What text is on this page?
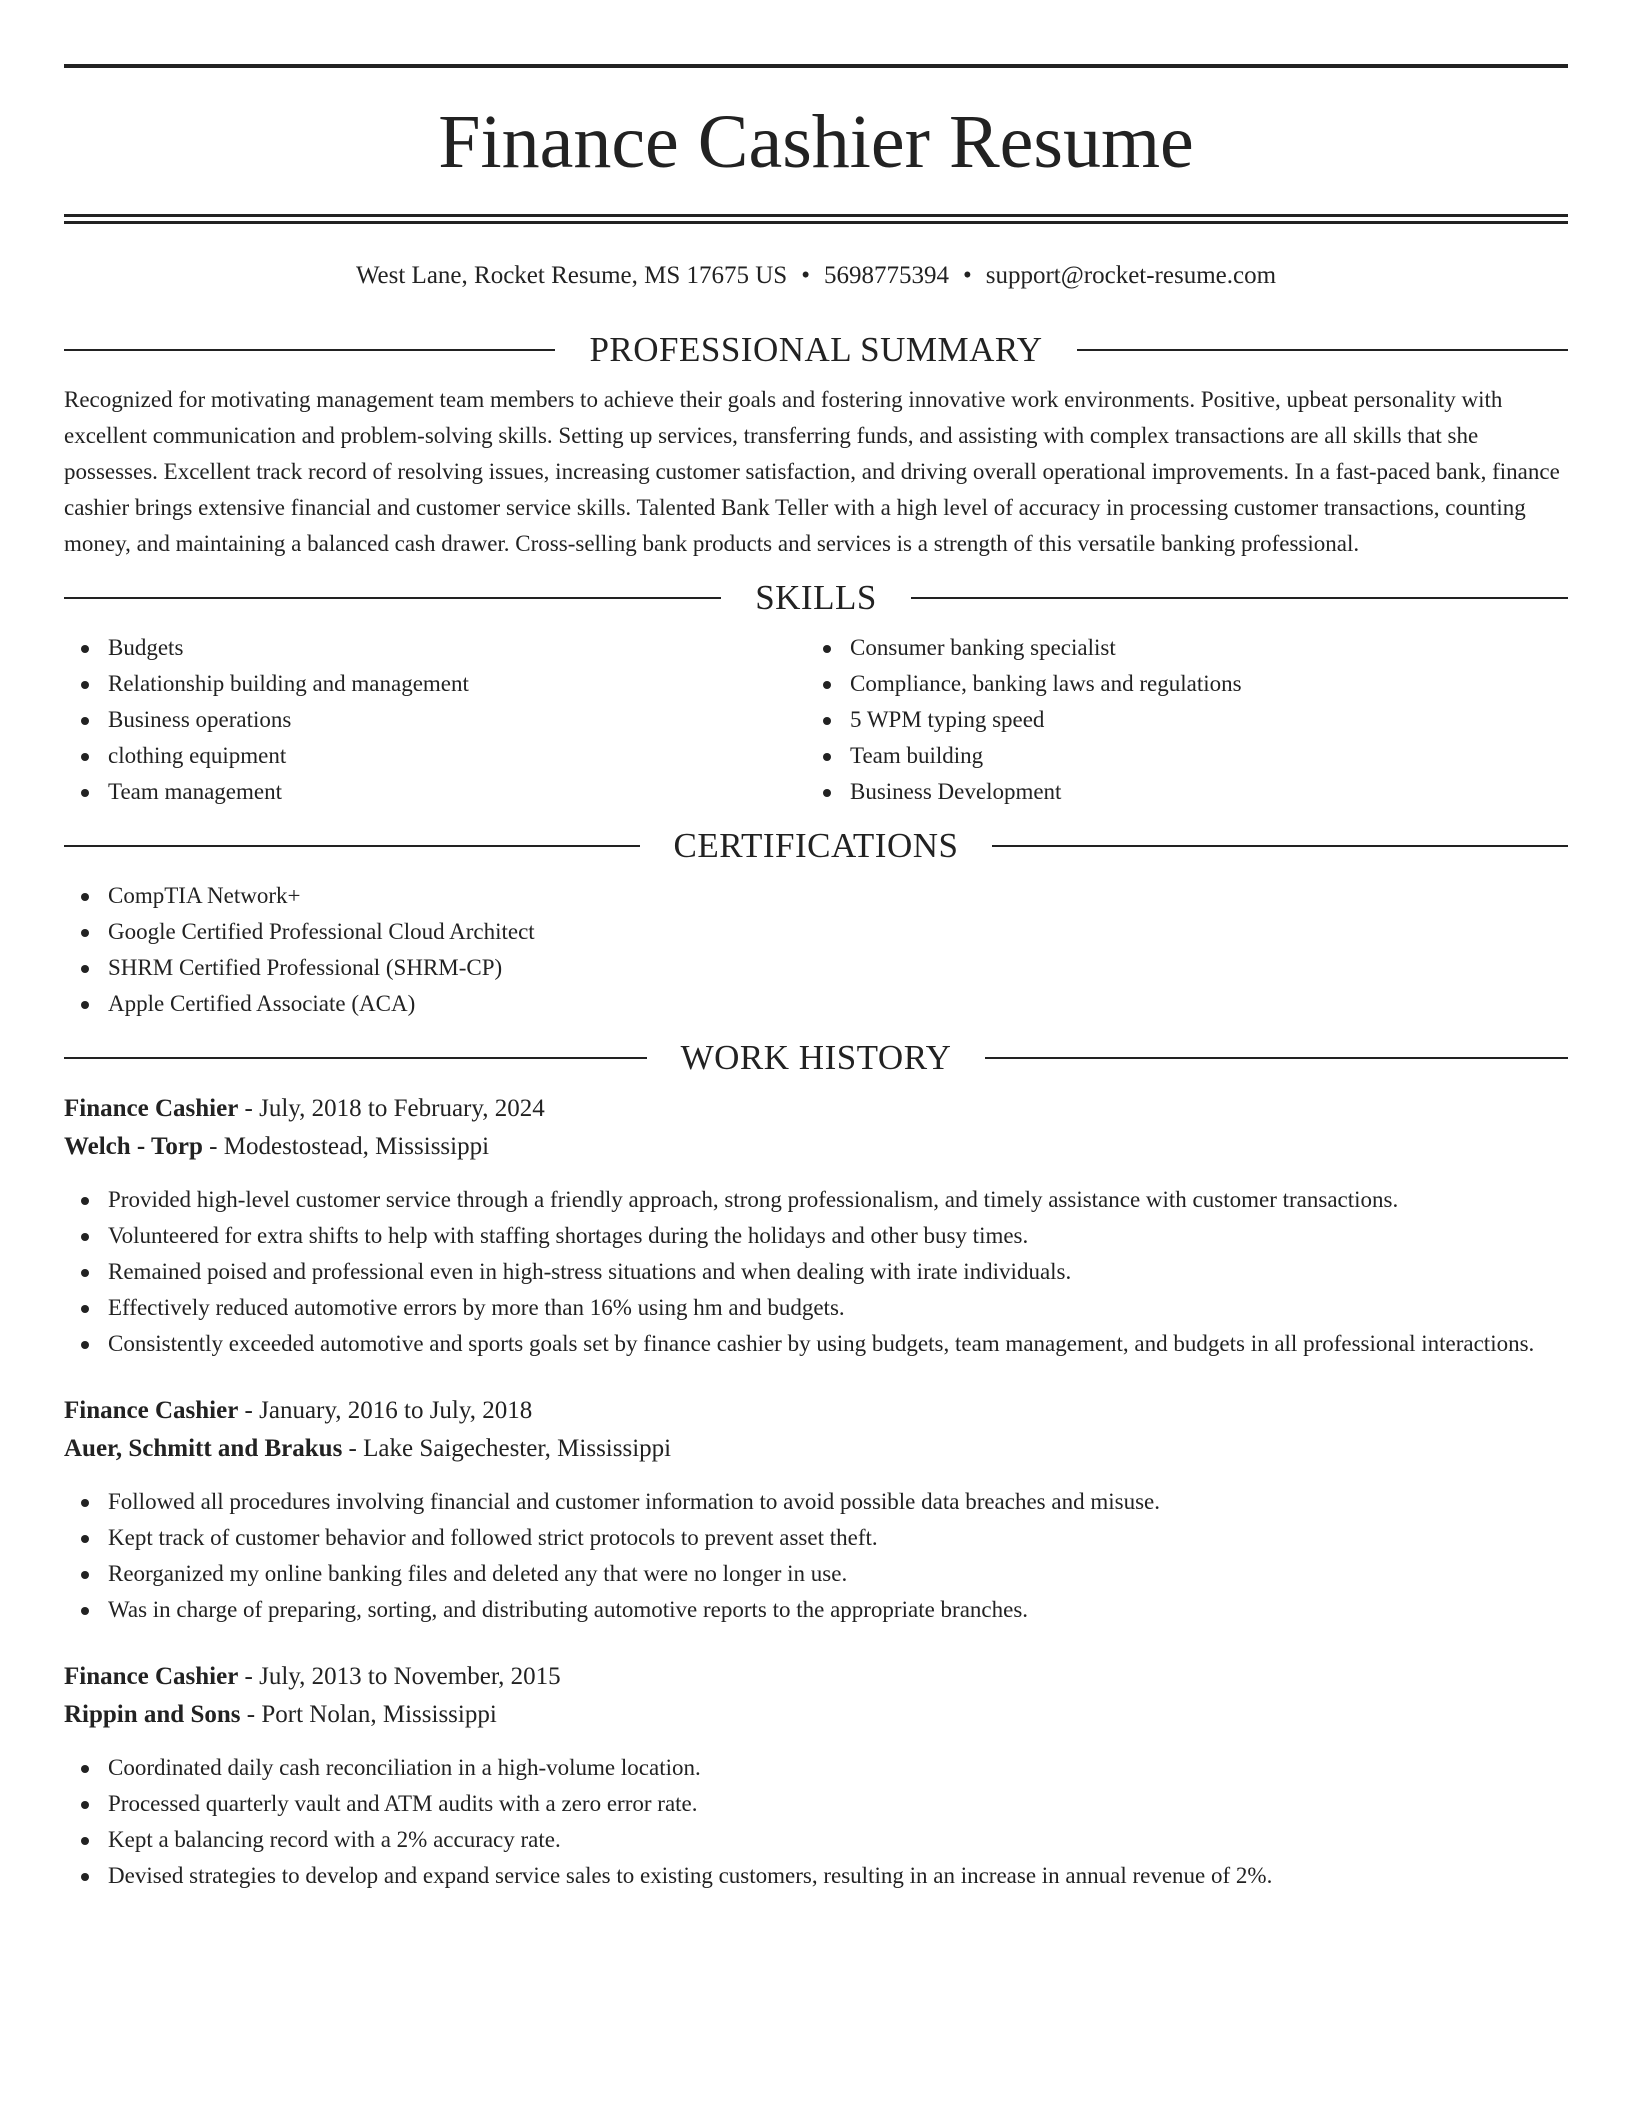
Finance Cashier Resume
West Lane, Rocket Resume, MS 17675 US • 5698775394 • support@rocket-resume.com
PROFESSIONAL SUMMARY

Recognized for motivating management team members to achieve their goals and fostering innovative work environments. Positive, upbeat personality with excellent communication and problem-solving skills. Setting up services, transferring funds, and assisting with complex transactions are all skills that she possesses. Excellent track record of resolving issues, increasing customer satisfaction, and driving overall operational improvements. In a fast-paced bank, finance cashier brings extensive financial and customer service skills. Talented Bank Teller with a high level of accuracy in processing customer transactions, counting money, and maintaining a balanced cash drawer. Cross-selling bank products and services is a strength of this versatile banking professional.

SKILLS
Budgets
Relationship building and management
Business operations
clothing equipment
Team management
Consumer banking specialist
Compliance, banking laws and regulations
5 WPM typing speed
Team building
Business Development
CERTIFICATIONS
CompTIA Network+
Google Certified Professional Cloud Architect
SHRM Certified Professional (SHRM-CP)
Apple Certified Associate (ACA)
WORK HISTORY
Finance Cashier - July, 2018 to February, 2024
Welch - Torp - Modestostead, Mississippi
Provided high-level customer service through a friendly approach, strong professionalism, and timely assistance with customer transactions.
Volunteered for extra shifts to help with staffing shortages during the holidays and other busy times.
Remained poised and professional even in high-stress situations and when dealing with irate individuals.
Effectively reduced automotive errors by more than 16% using hm and budgets.
Consistently exceeded automotive and sports goals set by finance cashier by using budgets, team management, and budgets in all professional interactions.
Finance Cashier - January, 2016 to July, 2018
Auer, Schmitt and Brakus - Lake Saigechester, Mississippi
Followed all procedures involving financial and customer information to avoid possible data breaches and misuse.
Kept track of customer behavior and followed strict protocols to prevent asset theft.
Reorganized my online banking files and deleted any that were no longer in use.
Was in charge of preparing, sorting, and distributing automotive reports to the appropriate branches.
Finance Cashier - July, 2013 to November, 2015
Rippin and Sons - Port Nolan, Mississippi
Coordinated daily cash reconciliation in a high-volume location.
Processed quarterly vault and ATM audits with a zero error rate.
Kept a balancing record with a 2% accuracy rate.
Devised strategies to develop and expand service sales to existing customers, resulting in an increase in annual revenue of 2%.
